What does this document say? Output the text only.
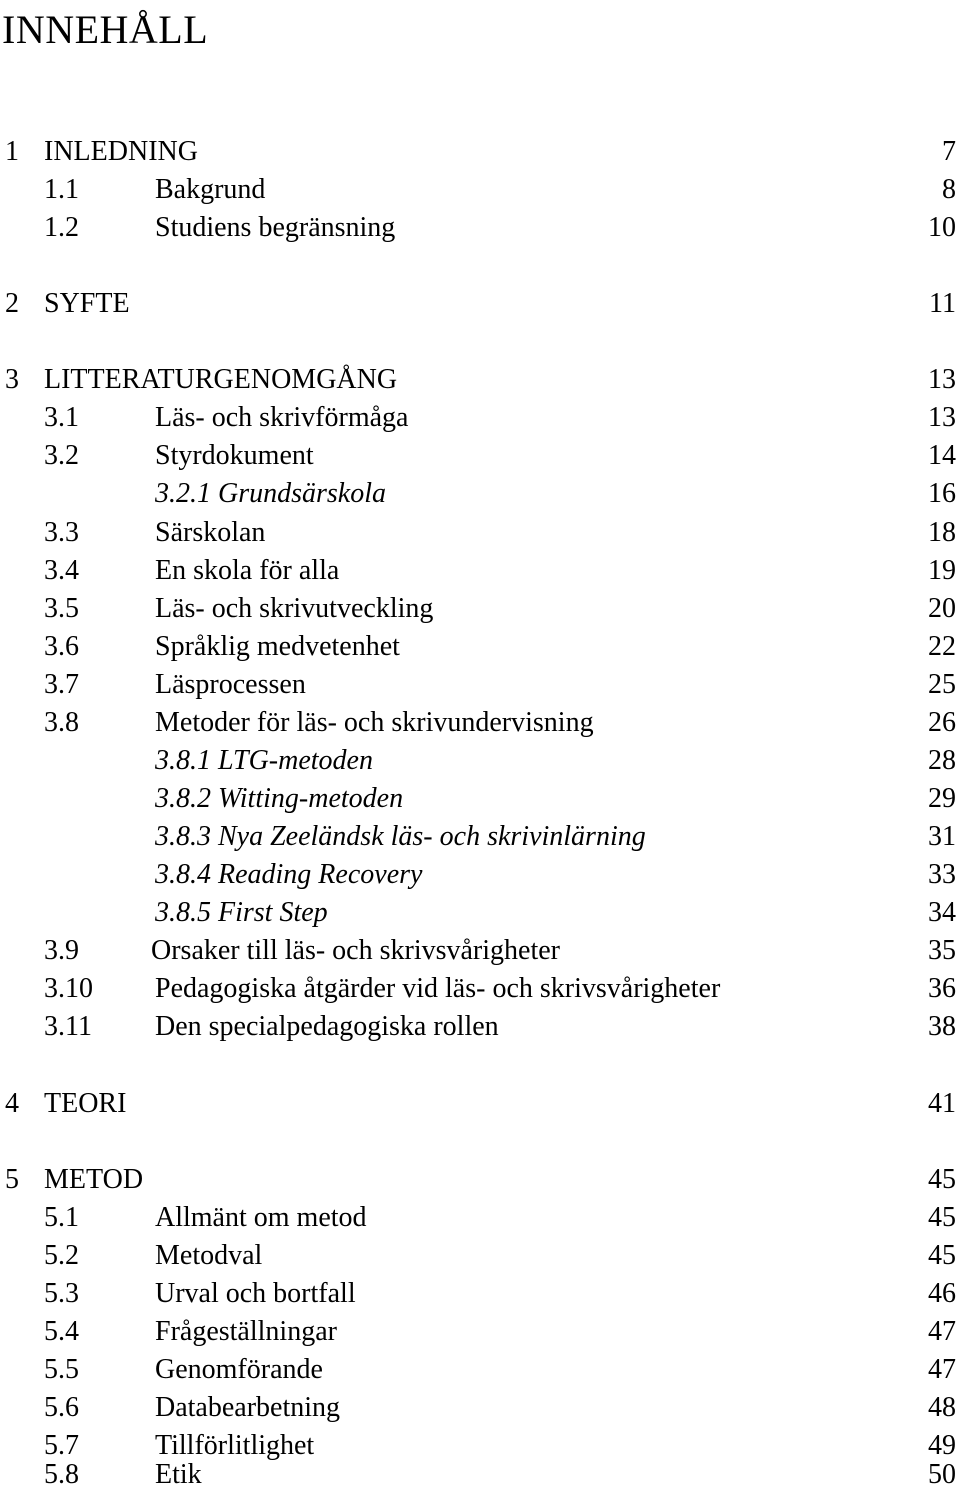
INNEHÅLL
1 INLEDNING	7
1.1	Bakgrund	8
1.2	Studiens begränsning	10
2 SYFTE	11
3 LITTERATURGENOMGÅNG	13
3.1	Läs- och skrivförmåga	13
3.2	Styrdokument	14
3.2.1 Grundsärskola	16
3.3	Särskolan	18
3.4	En skola för alla	19
3.5	Läs- och skrivutveckling	20
3.6	Språklig medvetenhet	22
3.7	Läsprocessen	25
3.8	Metoder för läs- och skrivundervisning	26
3.8.1 LTG-metoden	28
3.8.2 Witting-metoden	29
3.8.3 Nya Zeeländsk läs- och skrivinlärning	31
3.8.4 Reading Recovery	33
3.8.5 First Step	34
3.9	Orsaker till läs- och skrivsvårigheter	35
3.10 Pedagogiska åtgärder vid läs- och skrivsvårigheter	36
3.11 Den specialpedagogiska rollen	38
4 TEORI	41
5 METOD	45
5.1	Allmänt om metod	45
5.2	Metodval	45
5.3	Urval och bortfall	46
5.4	Frågeställningar	47
5.5	Genomförande	47
5.6	Databearbetning	48
5.7	Tillförlitlighet	49
5.8	Etik	50
